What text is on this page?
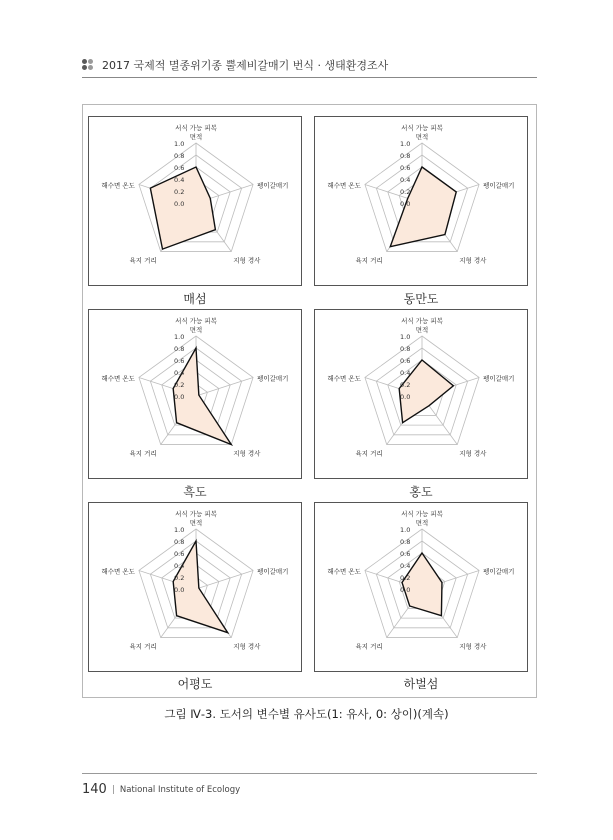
2017 국제적 멸종위기종 뿔제비갈매기 번식 · 생태환경조사
1.0
0.8
0.6
0.4
0.2
0.0
서식 가능 피복
면적
펭이갈매기
지형 경사
육지 거리
해수면 온도
매섬
1.0
0.8
0.6
0.4
0.2
0.0
서식 가능 피복
면적
펭이갈매기
지형 경사
육지 거리
해수면 온도
동만도
1.0
0.8
0.6
0.4
0.2
0.0
서식 가능 피복
면적
펭이갈매기
지형 경사
육지 거리
해수면 온도
흑도
1.0
0.8
0.6
0.4
0.2
0.0
서식 가능 피복
면적
펭이갈매기
지형 경사
육지 거리
해수면 온도
홍도
1.0
0.8
0.6
0.4
0.2
0.0
서식 가능 피복
면적
펭이갈매기
지형 경사
육지 거리
해수면 온도
어평도
1.0
0.8
0.6
0.4
0.2
0.0
서식 가능 피복
면적
펭이갈매기
지형 경사
육지 거리
해수면 온도
하벌섬
그림 Ⅳ-3. 도서의 변수별 유사도(1: 유사, 0: 상이)(계속)
140 | National Institute of Ecology
